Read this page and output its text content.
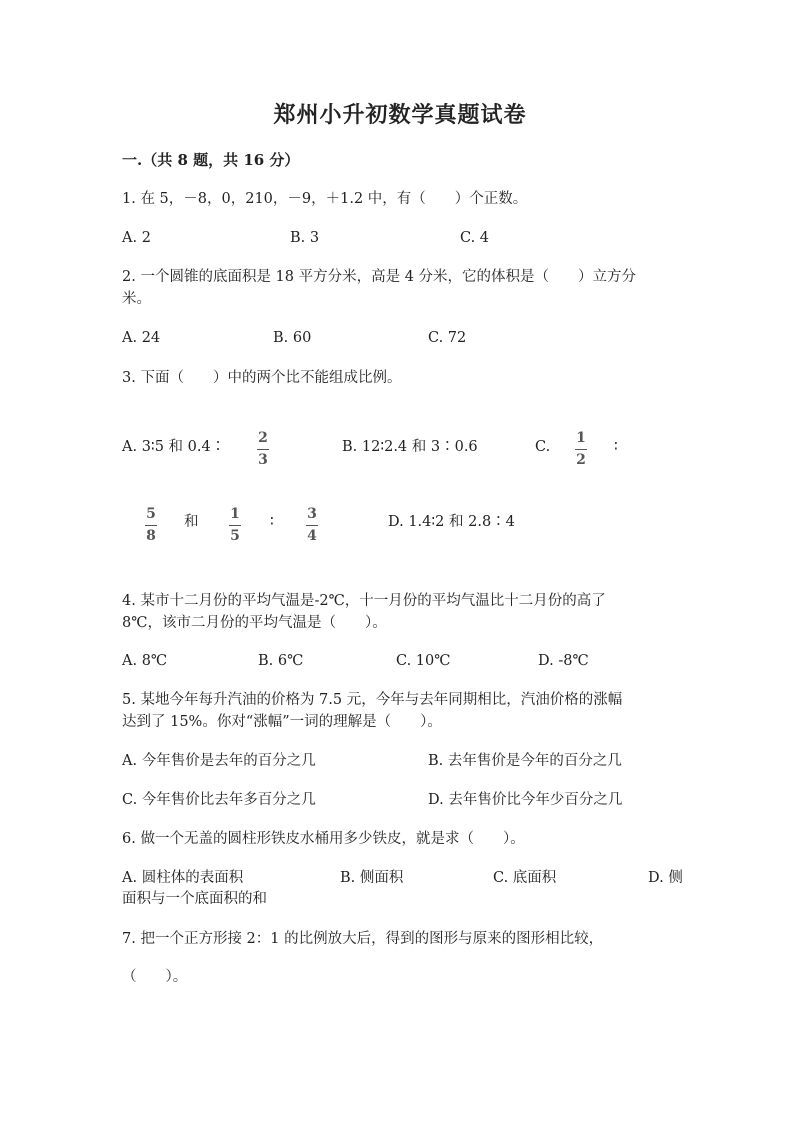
郑州小升初数学真题试卷
一.（共 8 题，共 16 分）
1. 在 5，－8，0，210，－9，＋1.2 中，有（　　）个正数。
A. 2	B. 3	C. 4
2. 一个圆锥的底面积是 18 平方分米，高是 4 分米，它的体积是（　　）立方分
米。
A. 24	B. 60	C. 72
3. 下面（　　）中的两个比不能组成比例。
A. 3∶5 和 0.4∶
2
3
B. 12∶2.4 和 3∶0.6	C.
1
2
∶
5
8
和 1
5
∶ 3
4
D. 1.4∶2 和 2.8∶4
4. 某市十二月份的平均气温是-2℃，十一月份的平均气温比十二月份的高了
8℃，该市二月份的平均气温是（　　）。
A. 8℃	B. 6℃	C. 10℃	D. -8℃
5. 某地今年每升汽油的价格为 7.5 元，今年与去年同期相比，汽油价格的涨幅
达到了 15%。你对“涨幅”一词的理解是（　　）。
A. 今年售价是去年的百分之几	B. 去年售价是今年的百分之几
C. 今年售价比去年多百分之几	D. 去年售价比今年少百分之几
6. 做一个无盖的圆柱形铁皮水桶用多少铁皮，就是求（　　）。
A. 圆柱体的表面积	B. 侧面积	C. 底面积	D. 侧
面积与一个底面积的和
7. 把一个正方形接 2：1 的比例放大后，得到的图形与原来的图形相比较，
（　　）。
